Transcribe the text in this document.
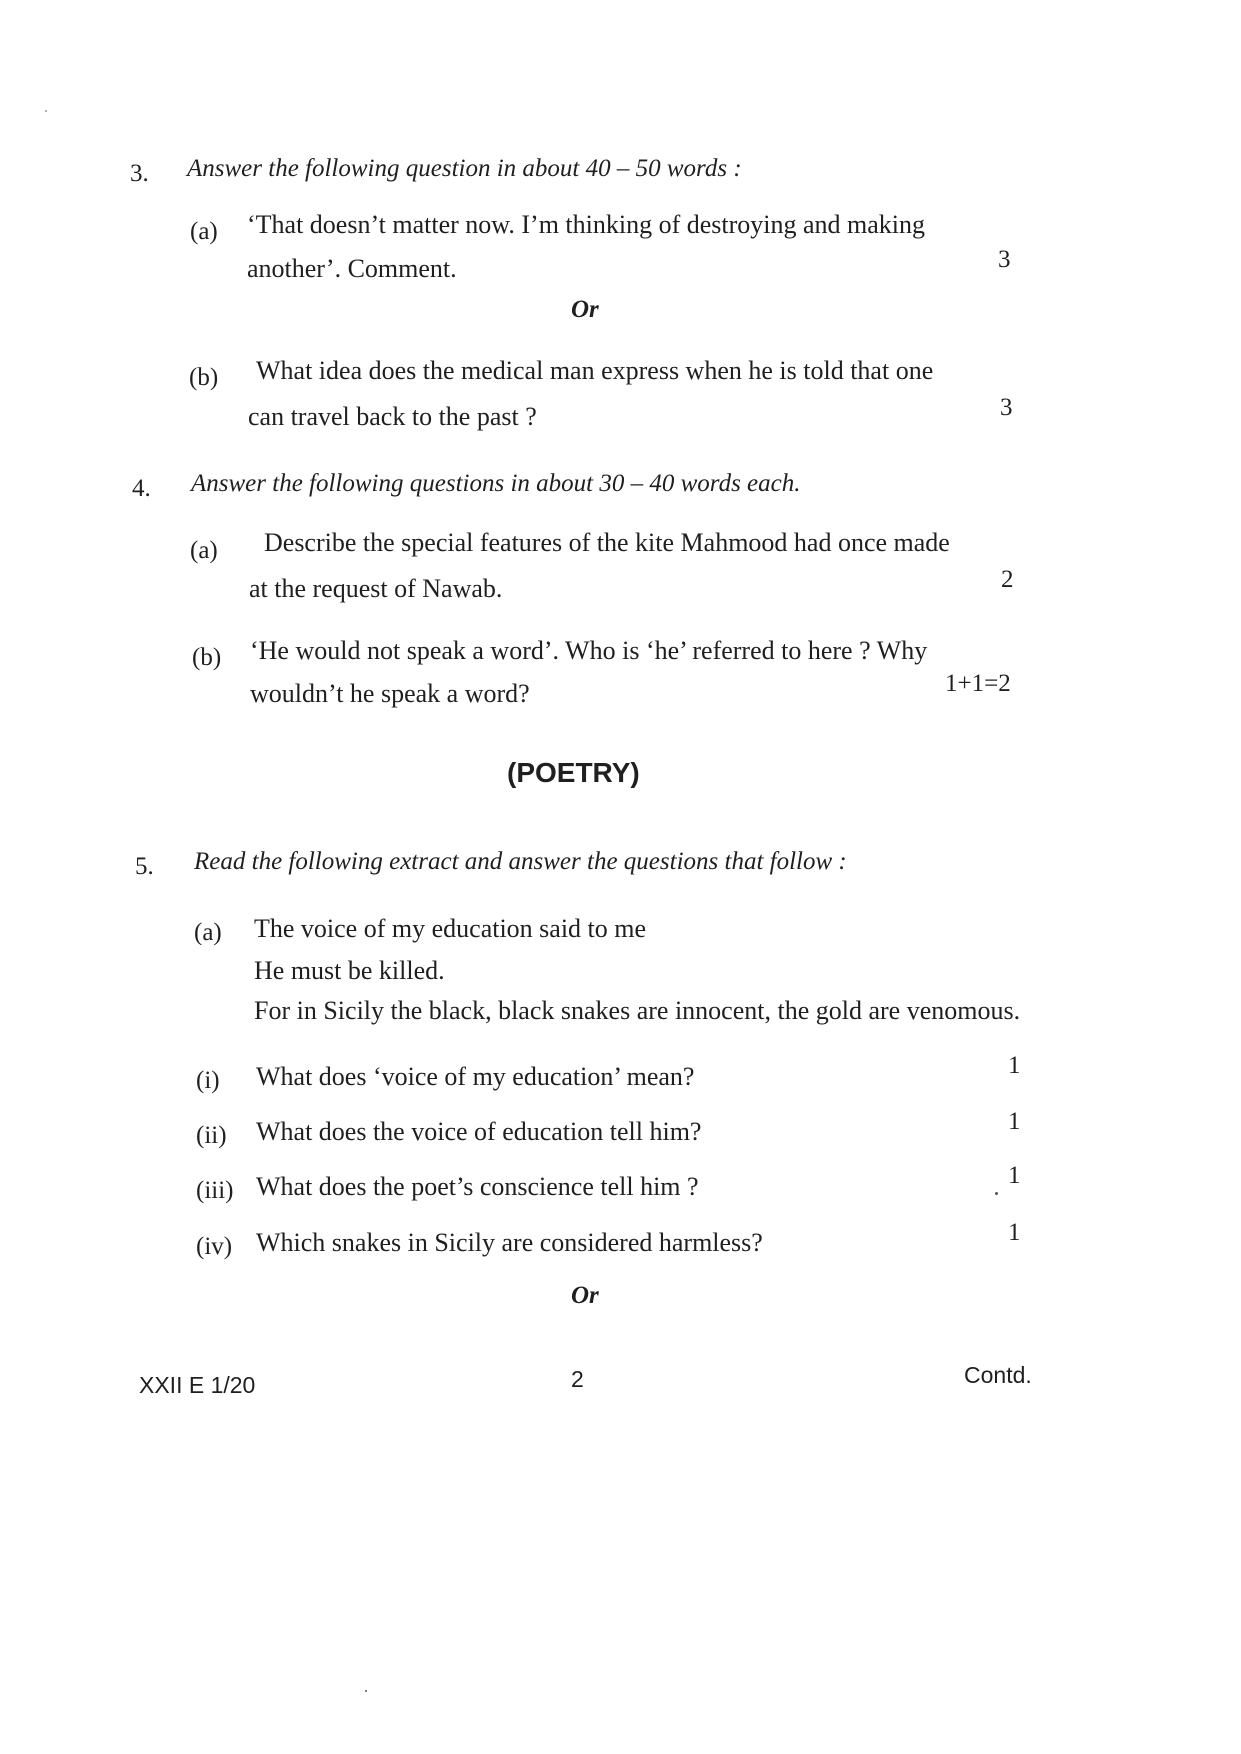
3. Answer the following question in about 40 – 50 words :
(a) ‘That doesn’t matter now. I’m thinking of destroying and making
another’. Comment.	3
Or
(b) What idea does the medical man express when he is told that one
can travel back to the past ?	3
4. Answer the following questions in about 30 – 40 words each.
(a) Describe the special features of the kite Mahmood had once made
at the request of Nawab.	2
(b) ‘He would not speak a word’. Who is ‘he’ referred to here ? Why
wouldn’t he speak a word?	1+1=2
(POETRY)
5. Read the following extract and answer the questions that follow :
(a) The voice of my education said to me
He must be killed.
For in Sicily the black, black snakes are innocent, the gold are venomous.
(i) What does ‘voice of my education’ mean?	1
(ii) What does the voice of education tell him?	1
(iii) What does the poet’s conscience tell him ?	1
(iv) Which snakes in Sicily are considered harmless?	1
Or
XXII E 1/20	2	Contd.
